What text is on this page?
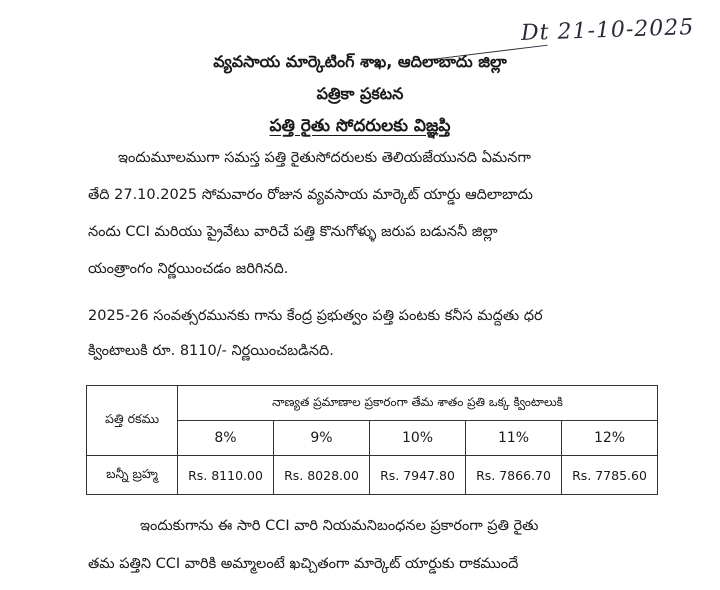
Dt 21-10-2025
వ్యవసాయ మార్కెటింగ్ శాఖ, ఆదిలాబాదు జిల్లా
పత్రికా ప్రకటన
పత్తి రైతు సోదరులకు విజ్ఞప్తి
ఇందుమూలముగా సమస్త పత్తి రైతుసోదరులకు తెలియజేయునది ఏమనగా
తేది 27.10.2025 సోమవారం రోజున వ్యవసాయ మార్కెట్ యార్డు ఆదిలాబాదు
నందు CCI మరియు ప్రైవేటు వారిచే పత్తి కొనుగోళ్ళు జరుప బడుననీ జిల్లా
యంత్రాంగం నిర్ణయించడం జరిగినది.
2025-26 సంవత్సరమునకు గాను కేంద్ర ప్రభుత్వం పత్తి పంటకు కనీస మద్దతు ధర
క్వింటాలుకి రూ. 8110/- నిర్ణయించబడినది.
పత్తి రకము	నాణ్యత ప్రమాణాల ప్రకారంగా తేమ శాతం ప్రతి ఒక్క క్వింటాలుకి				
	8%	9%	10%	11%	12%
బన్నీ బ్రహ్మ	Rs. 8110.00	Rs. 8028.00	Rs. 7947.80	Rs. 7866.70	Rs. 7785.60
ఇందుకుగాను ఈ సారి CCI వారి నియమనిబంధనల ప్రకారంగా ప్రతి రైతు
తమ పత్తిని CCI వారికి అమ్మాలంటే ఖచ్చితంగా మార్కెట్ యార్డుకు రాకముందే
